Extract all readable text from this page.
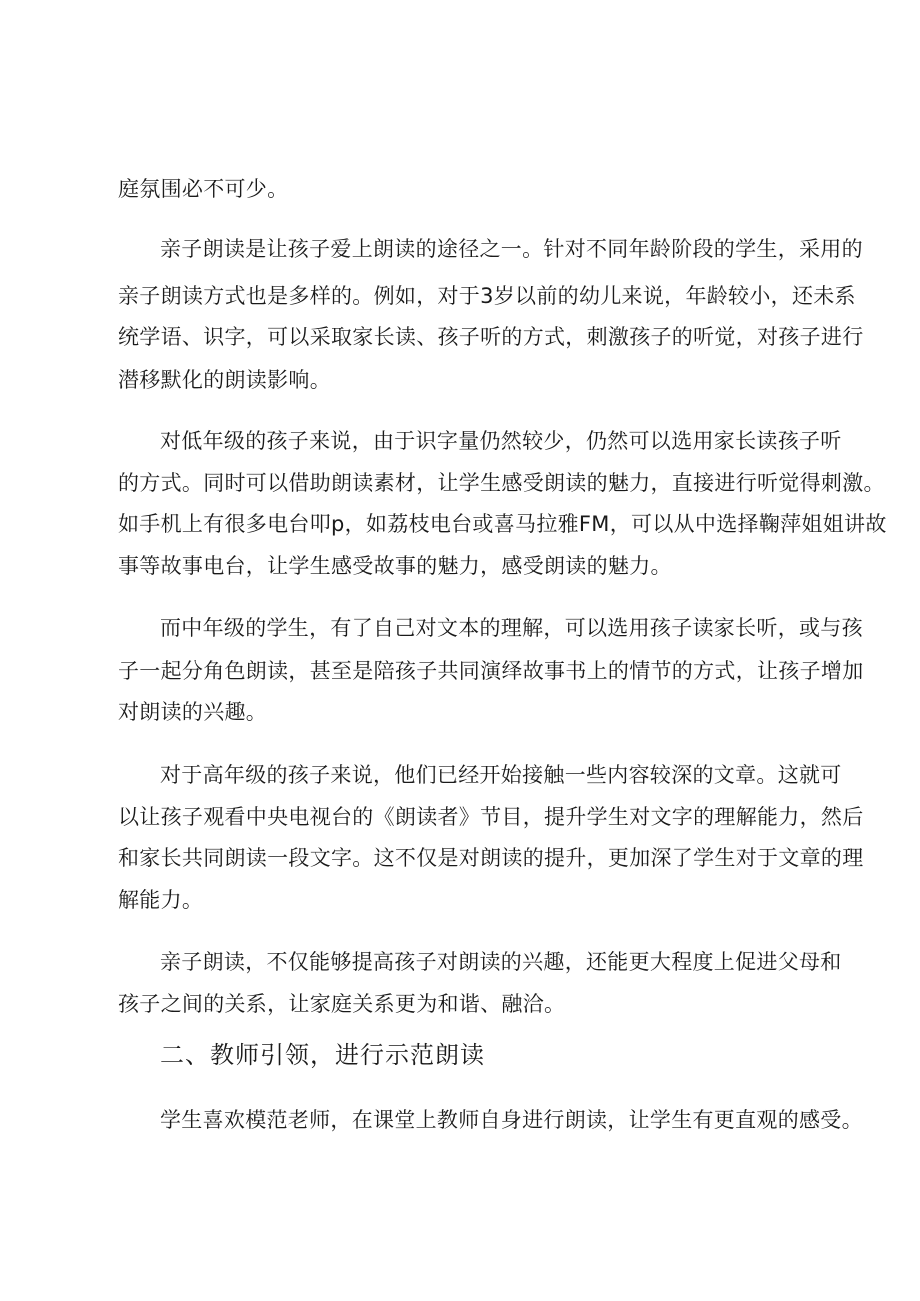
庭氛围必不可少。
亲子朗读是让孩子爱上朗读的途径之一。针对不同年龄阶段的学生，采用的
亲子朗读方式也是多样的。例如，对于3岁以前的幼儿来说，年龄较小，还未系
统学语、识字，可以采取家长读、孩子听的方式，刺激孩子的听觉，对孩子进行
潜移默化的朗读影响。
对低年级的孩子来说，由于识字量仍然较少，仍然可以选用家长读孩子听
的方式。同时可以借助朗读素材，让学生感受朗读的魅力，直接进行听觉得刺激。
如手机上有很多电台叩p，如荔枝电台或喜马拉雅FM，可以从中选择鞠萍姐姐讲故
事等故事电台，让学生感受故事的魅力，感受朗读的魅力。
而中年级的学生，有了自己对文本的理解，可以选用孩子读家长听，或与孩
子一起分角色朗读，甚至是陪孩子共同演绎故事书上的情节的方式，让孩子增加
对朗读的兴趣。
对于高年级的孩子来说，他们已经开始接触一些内容较深的文章。这就可
以让孩子观看中央电视台的《朗读者》节目，提升学生对文字的理解能力，然后
和家长共同朗读一段文字。这不仅是对朗读的提升，更加深了学生对于文章的理
解能力。
亲子朗读，不仅能够提高孩子对朗读的兴趣，还能更大程度上促进父母和
孩子之间的关系，让家庭关系更为和谐、融洽。
二、教师引领，进行示范朗读
学生喜欢模范老师，在课堂上教师自身进行朗读，让学生有更直观的感受。
